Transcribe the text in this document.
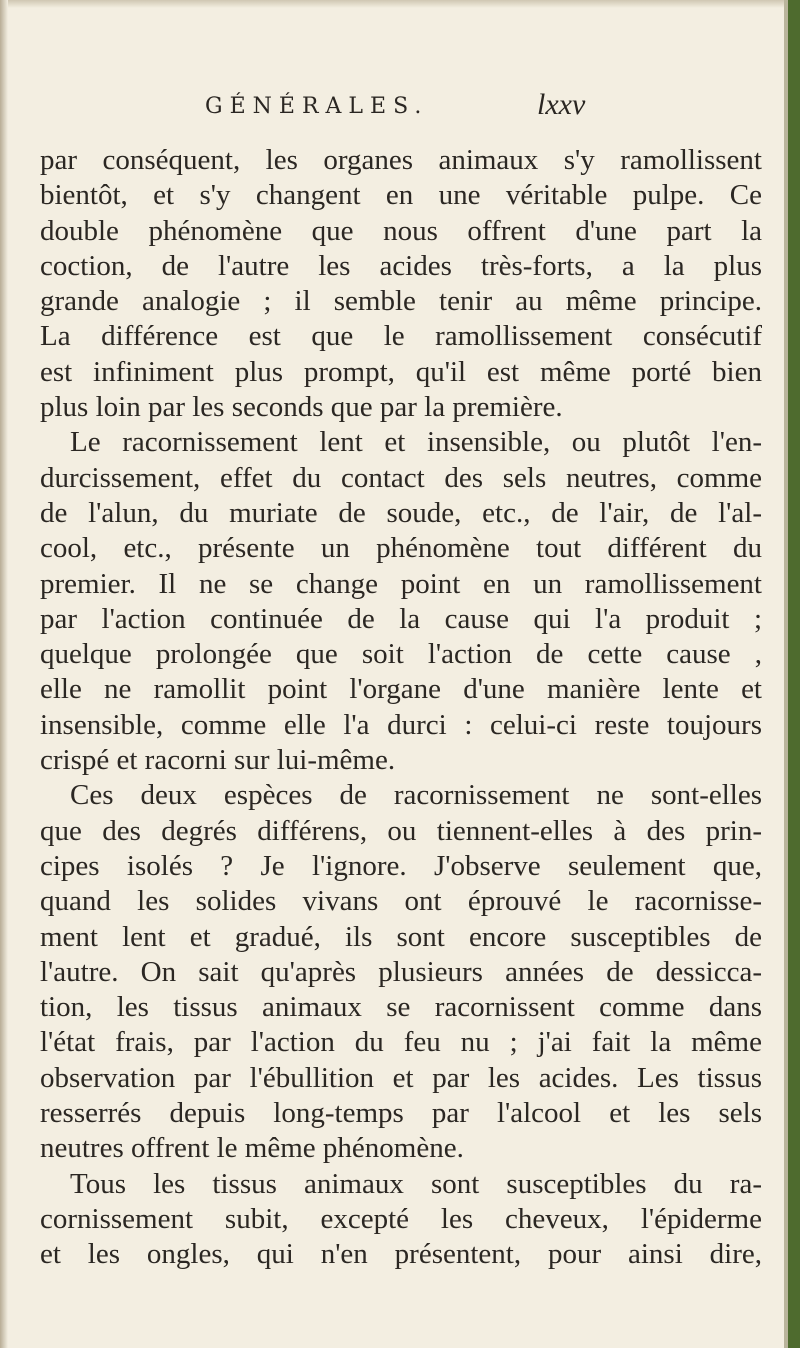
GÉNÉRALES.	lxxv
par conséquent, les organes animaux s'y ramollissent
bientôt, et s'y changent en une véritable pulpe. Ce
double phénomène que nous offrent d'une part la
coction, de l'autre les acides très-forts, a la plus
grande analogie ; il semble tenir au même principe.
La différence est que le ramollissement consécutif
est infiniment plus prompt, qu'il est même porté bien
plus loin par les seconds que par la première.
Le racornissement lent et insensible, ou plutôt l'en-
durcissement, effet du contact des sels neutres, comme
de l'alun, du muriate de soude, etc., de l'air, de l'al-
cool, etc., présente un phénomène tout différent du
premier. Il ne se change point en un ramollissement
par l'action continuée de la cause qui l'a produit ;
quelque prolongée que soit l'action de cette cause ,
elle ne ramollit point l'organe d'une manière lente et
insensible, comme elle l'a durci : celui-ci reste toujours
crispé et racorni sur lui-même.
Ces deux espèces de racornissement ne sont-elles
que des degrés différens, ou tiennent-elles à des prin-
cipes isolés ? Je l'ignore. J'observe seulement que,
quand les solides vivans ont éprouvé le racornisse-
ment lent et gradué, ils sont encore susceptibles de
l'autre. On sait qu'après plusieurs années de dessicca-
tion, les tissus animaux se racornissent comme dans
l'état frais, par l'action du feu nu ; j'ai fait la même
observation par l'ébullition et par les acides. Les tissus
resserrés depuis long-temps par l'alcool et les sels
neutres offrent le même phénomène.
Tous les tissus animaux sont susceptibles du ra-
cornissement subit, excepté les cheveux, l'épiderme
et les ongles, qui n'en présentent, pour ainsi dire,
